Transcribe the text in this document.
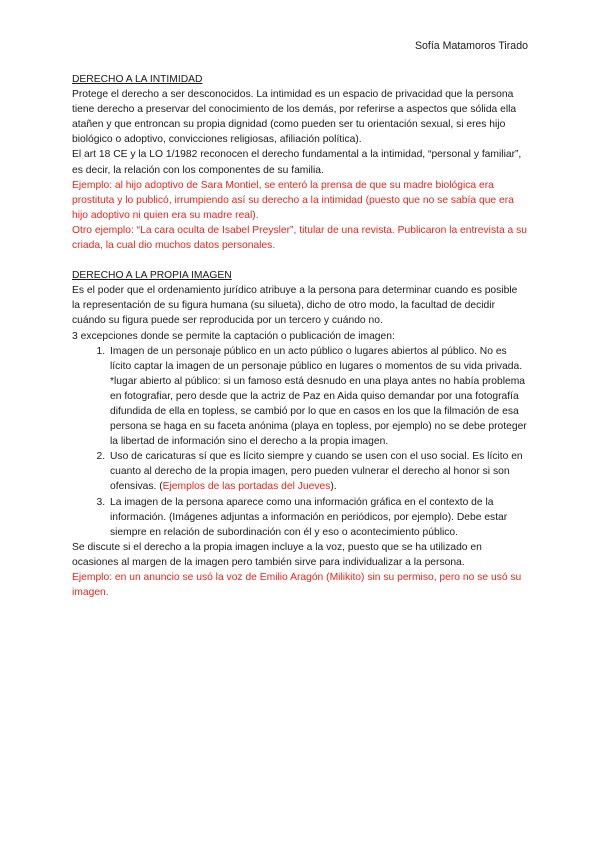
Sofía Matamoros Tirado

DERECHO A LA INTIMIDAD

Protege el derecho a ser desconocidos. La intimidad es un espacio de privacidad que la persona tiene derecho a preservar del conocimiento de los demás, por referirse a aspectos que sólida ella atañen y que entroncan su propia dignidad (como pueden ser tu orientación sexual, si eres hijo biológico o adoptivo, convicciones religiosas, afiliación política).

El art 18 CE y la LO 1/1982 reconocen el derecho fundamental a la intimidad, “personal y familiar”, es decir, la relación con los componentes de su familia.

Ejemplo: al hijo adoptivo de Sara Montiel, se enteró la prensa de que su madre biológica era prostituta y lo publicó, irrumpiendo así su derecho a la intimidad (puesto que no se sabía que era hijo adoptivo ni quien era su madre real).

Otro ejemplo: “La cara oculta de Isabel Preysler”, titular de una revista. Publicaron la entrevista a su criada, la cual dio muchos datos personales.

DERECHO A LA PROPIA IMAGEN

Es el poder que el ordenamiento jurídico atribuye a la persona para determinar cuando es posible la representación de su figura humana (su silueta), dicho de otro modo, la facultad de decidir cuándo su figura puede ser reproducida por un tercero y cuándo no.

3 excepciones donde se permite la captación o publicación de imagen:

1. Imagen de un personaje público en un acto público o lugares abiertos al público. No es lícito captar la imagen de un personaje público en lugares o momentos de su vida privada. *lugar abierto al público: si un famoso está desnudo en una playa antes no había problema en fotografiar, pero desde que la actriz de Paz en Aida quiso demandar por una fotografía difundida de ella en topless, se cambió por lo que en casos en los que la filmación de esa persona se haga en su faceta anónima (playa en topless, por ejemplo) no se debe proteger la libertad de información sino el derecho a la propia imagen.
2. Uso de caricaturas sí que es lícito siempre y cuando se usen con el uso social. Es lícito en cuanto al derecho de la propia imagen, pero pueden vulnerar el derecho al honor si son ofensivas. (Ejemplos de las portadas del Jueves).
3. La imagen de la persona aparece como una información gráfica en el contexto de la información. (Imágenes adjuntas a información en periódicos, por ejemplo). Debe estar siempre en relación de subordinación con él y eso o acontecimiento público.

Se discute si el derecho a la propia imagen incluye a la voz, puesto que se ha utilizado en ocasiones al margen de la imagen pero también sirve para individualizar a la persona.

Ejemplo: en un anuncio se usó la voz de Emilio Aragón (Milikito) sin su permiso, pero no se usó su imagen.
